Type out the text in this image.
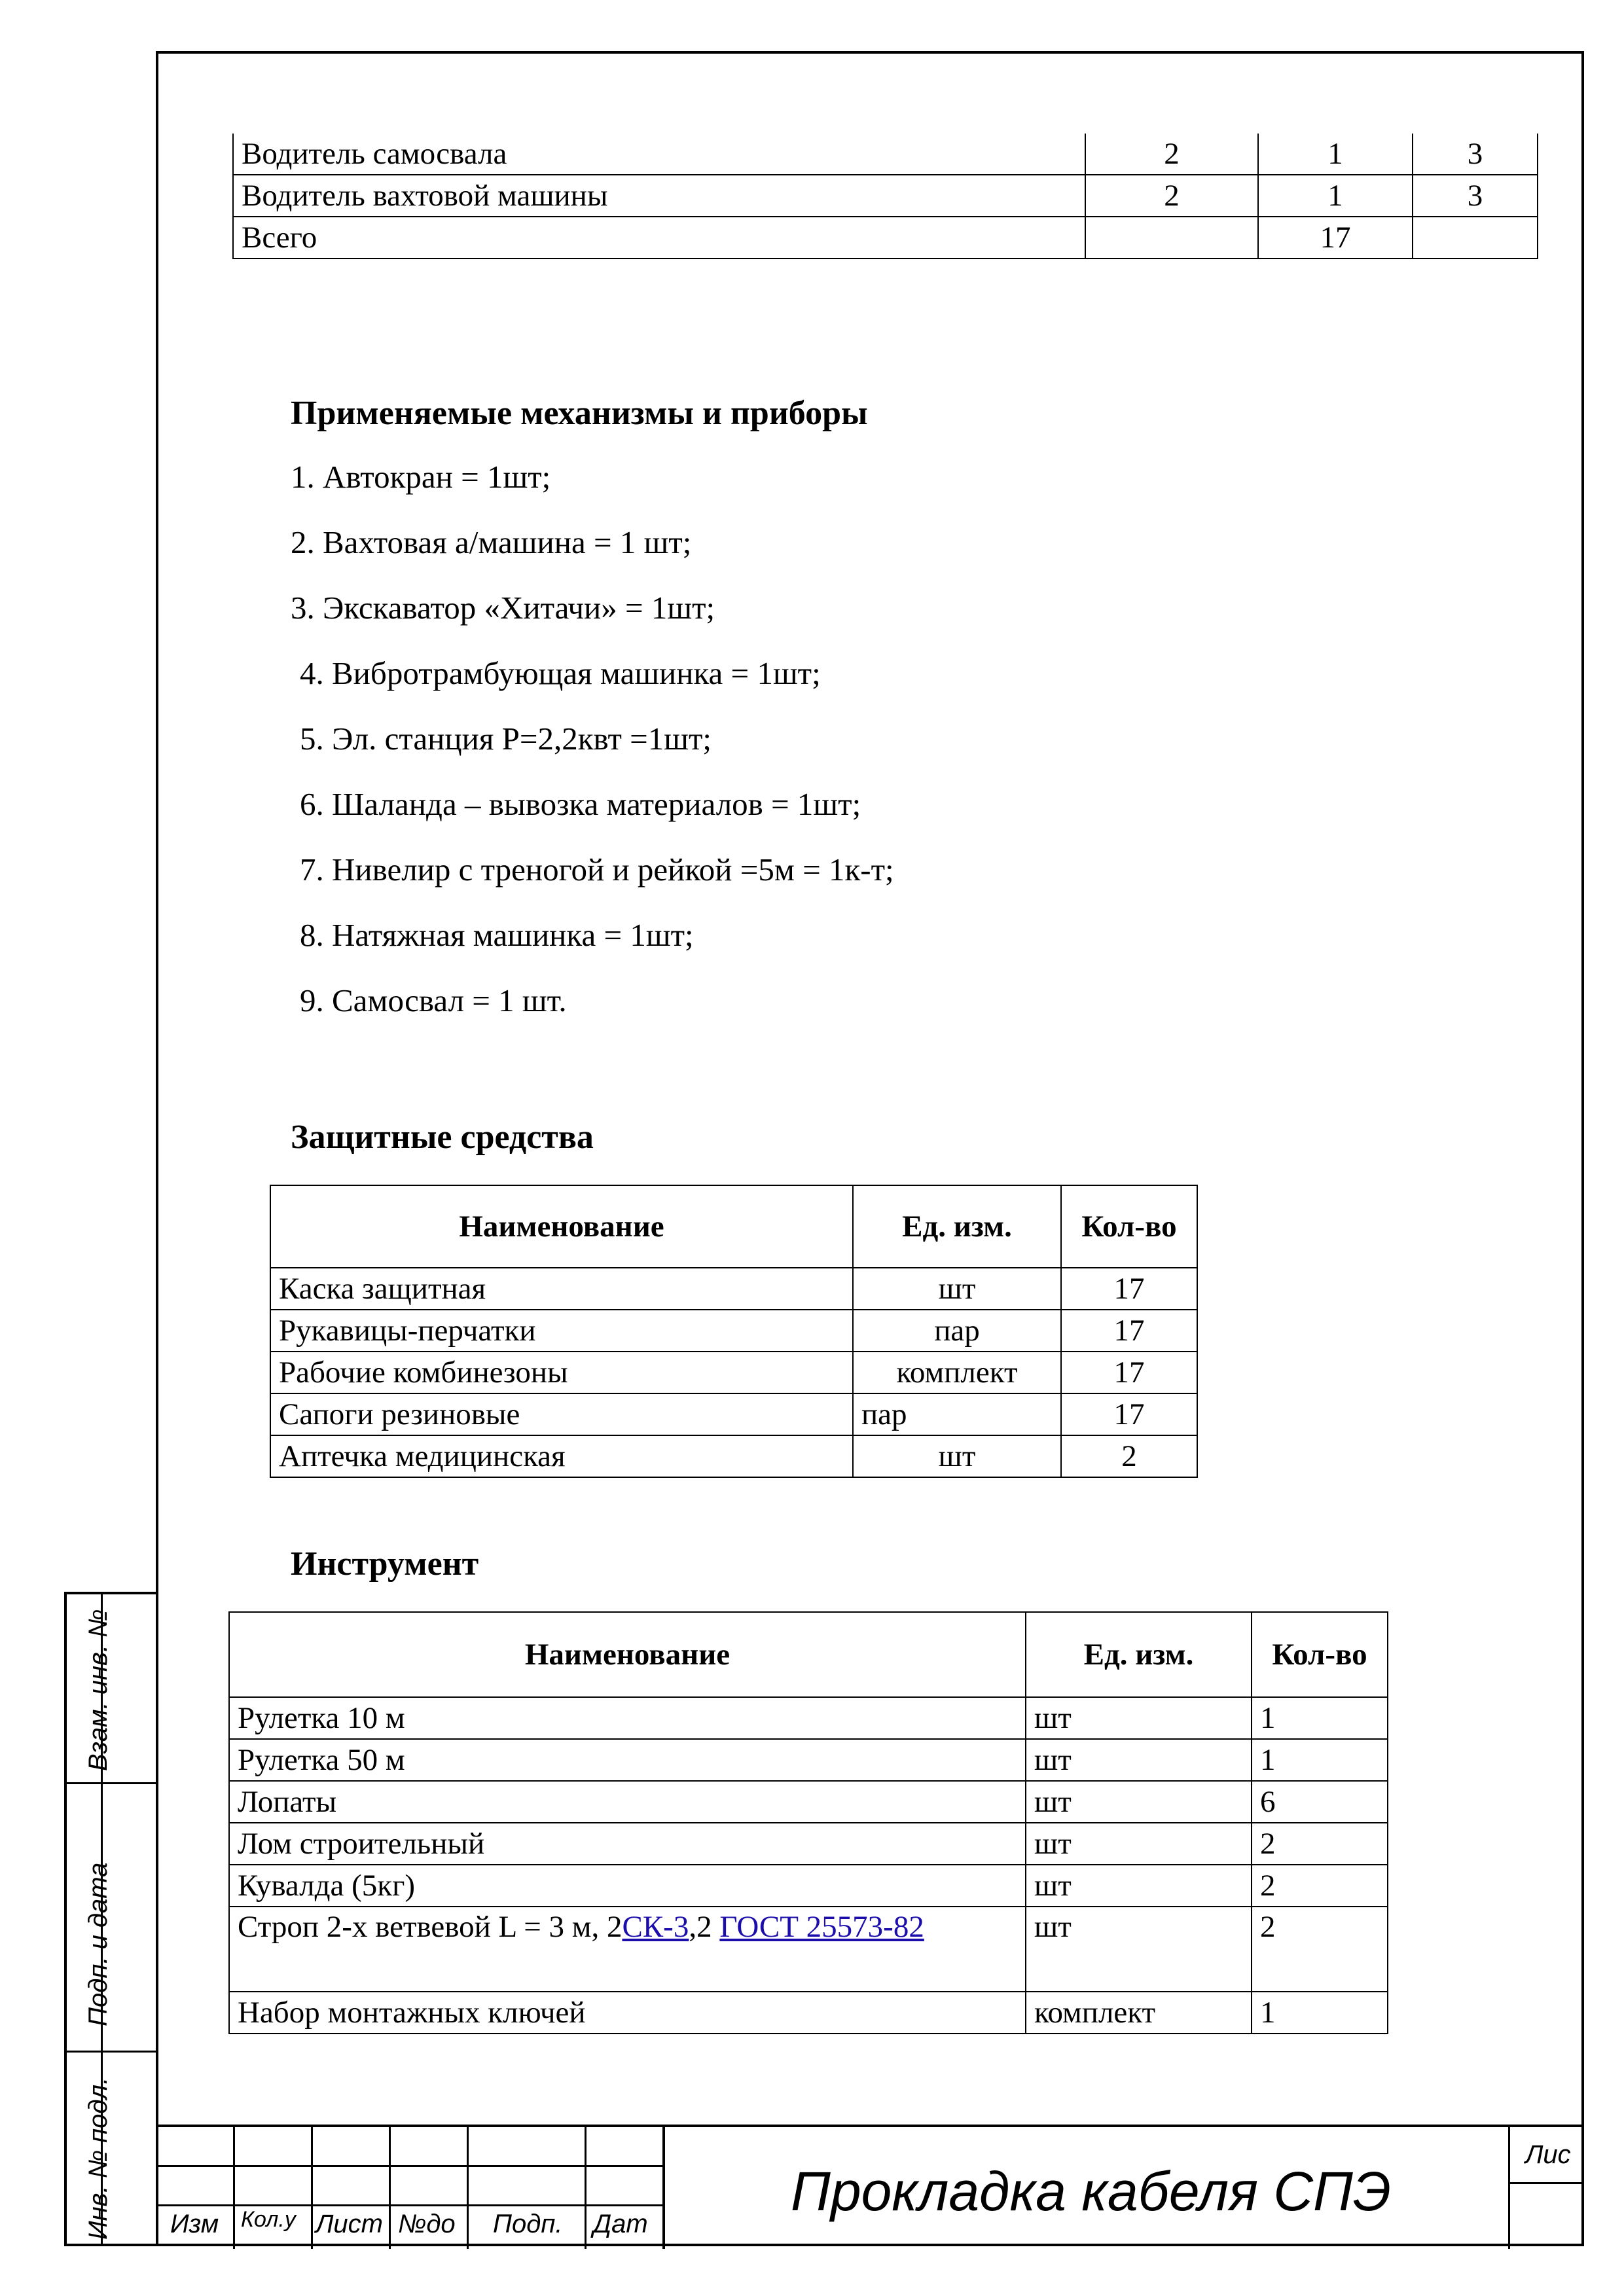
Водитель самосвала	2	1	3
Водитель вахтовой машины	2	1	3
Всего		17	
Применяемые механизмы и приборы
1. Автокран = 1шт;
2. Вахтовая а/машина = 1 шт;
3. Экскаватор «Хитачи» = 1шт;
4. Вибротрамбующая машинка = 1шт;
5. Эл. станция Р=2,2квт =1шт;
6. Шаланда – вывозка материалов = 1шт;
7. Нивелир с треногой и рейкой =5м = 1к-т;
8. Натяжная машинка = 1шт;
9. Самосвал = 1 шт.
Защитные средства
Наименование	Ед. изм.	Кол-во
Каска защитная	шт	17
Рукавицы-перчатки	пар	17
Рабочие комбинезоны	комплект	17
Сапоги резиновые	пар	17
Аптечка медицинская	шт	2
Инструмент
Наименование	Ед. изм.	Кол-во
Рулетка 10 м	шт	1
Рулетка 50 м	шт	1
Лопаты	шт	6
Лом строительный	шт	2
Кувалда (5кг)	шт	2
Строп 2-х ветвевой L = 3 м, 2СК-3,2 ГОСТ 25573-82	шт	2
Набор монтажных ключей	комплект	1
Взам. инв. №
Подп. и дата
Инв. № подл. Изм Кол.у Лист №до Подп. Дат
Прокладка кабеля СПЭ
Лис
